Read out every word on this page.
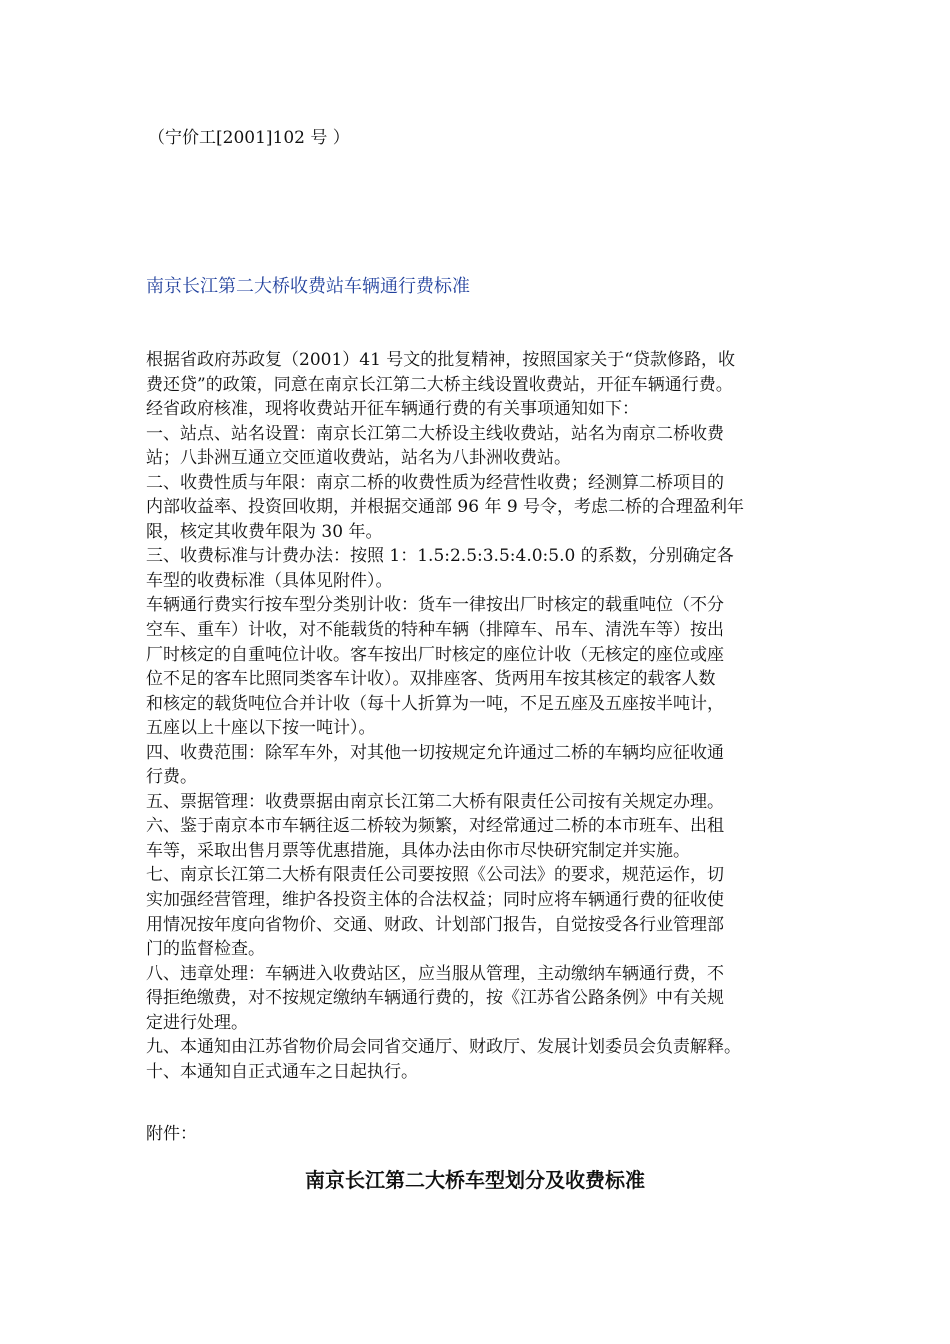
（宁价工[2001]102 号 ）
南京长江第二大桥收费站车辆通行费标准
根据省政府苏政复（2001）41 号文的批复精神，按照国家关于“贷款修路，收
费还贷”的政策，同意在南京长江第二大桥主线设置收费站，开征车辆通行费。
经省政府核准，现将收费站开征车辆通行费的有关事项通知如下：
一、站点、站名设置：南京长江第二大桥设主线收费站，站名为南京二桥收费
站；八卦洲互通立交匝道收费站，站名为八卦洲收费站。
二、收费性质与年限：南京二桥的收费性质为经营性收费；经测算二桥项目的
内部收益率、投资回收期，并根据交通部 96 年 9 号令，考虑二桥的合理盈利年
限，核定其收费年限为 30 年。
三、收费标准与计费办法：按照 1：1.5:2.5:3.5:4.0:5.0 的系数，分别确定各
车型的收费标准（具体见附件）。
车辆通行费实行按车型分类别计收：货车一律按出厂时核定的载重吨位（不分
空车、重车）计收，对不能载货的特种车辆（排障车、吊车、清洗车等）按出
厂时核定的自重吨位计收。客车按出厂时核定的座位计收（无核定的座位或座
位不足的客车比照同类客车计收）。双排座客、货两用车按其核定的载客人数
和核定的载货吨位合并计收（每十人折算为一吨，不足五座及五座按半吨计，
五座以上十座以下按一吨计）。
四、收费范围：除军车外，对其他一切按规定允许通过二桥的车辆均应征收通
行费。
五、票据管理：收费票据由南京长江第二大桥有限责任公司按有关规定办理。
六、鉴于南京本市车辆往返二桥较为频繁，对经常通过二桥的本市班车、出租
车等，采取出售月票等优惠措施，具体办法由你市尽快研究制定并实施。
七、南京长江第二大桥有限责任公司要按照《公司法》的要求，规范运作，切
实加强经营管理，维护各投资主体的合法权益；同时应将车辆通行费的征收使
用情况按年度向省物价、交通、财政、计划部门报告，自觉按受各行业管理部
门的监督检查。
八、违章处理：车辆进入收费站区，应当服从管理，主动缴纳车辆通行费，不
得拒绝缴费，对不按规定缴纳车辆通行费的，按《江苏省公路条例》中有关规
定进行处理。
九、本通知由江苏省物价局会同省交通厅、财政厅、发展计划委员会负责解释。
十、本通知自正式通车之日起执行。
附件：
南京长江第二大桥车型划分及收费标准
